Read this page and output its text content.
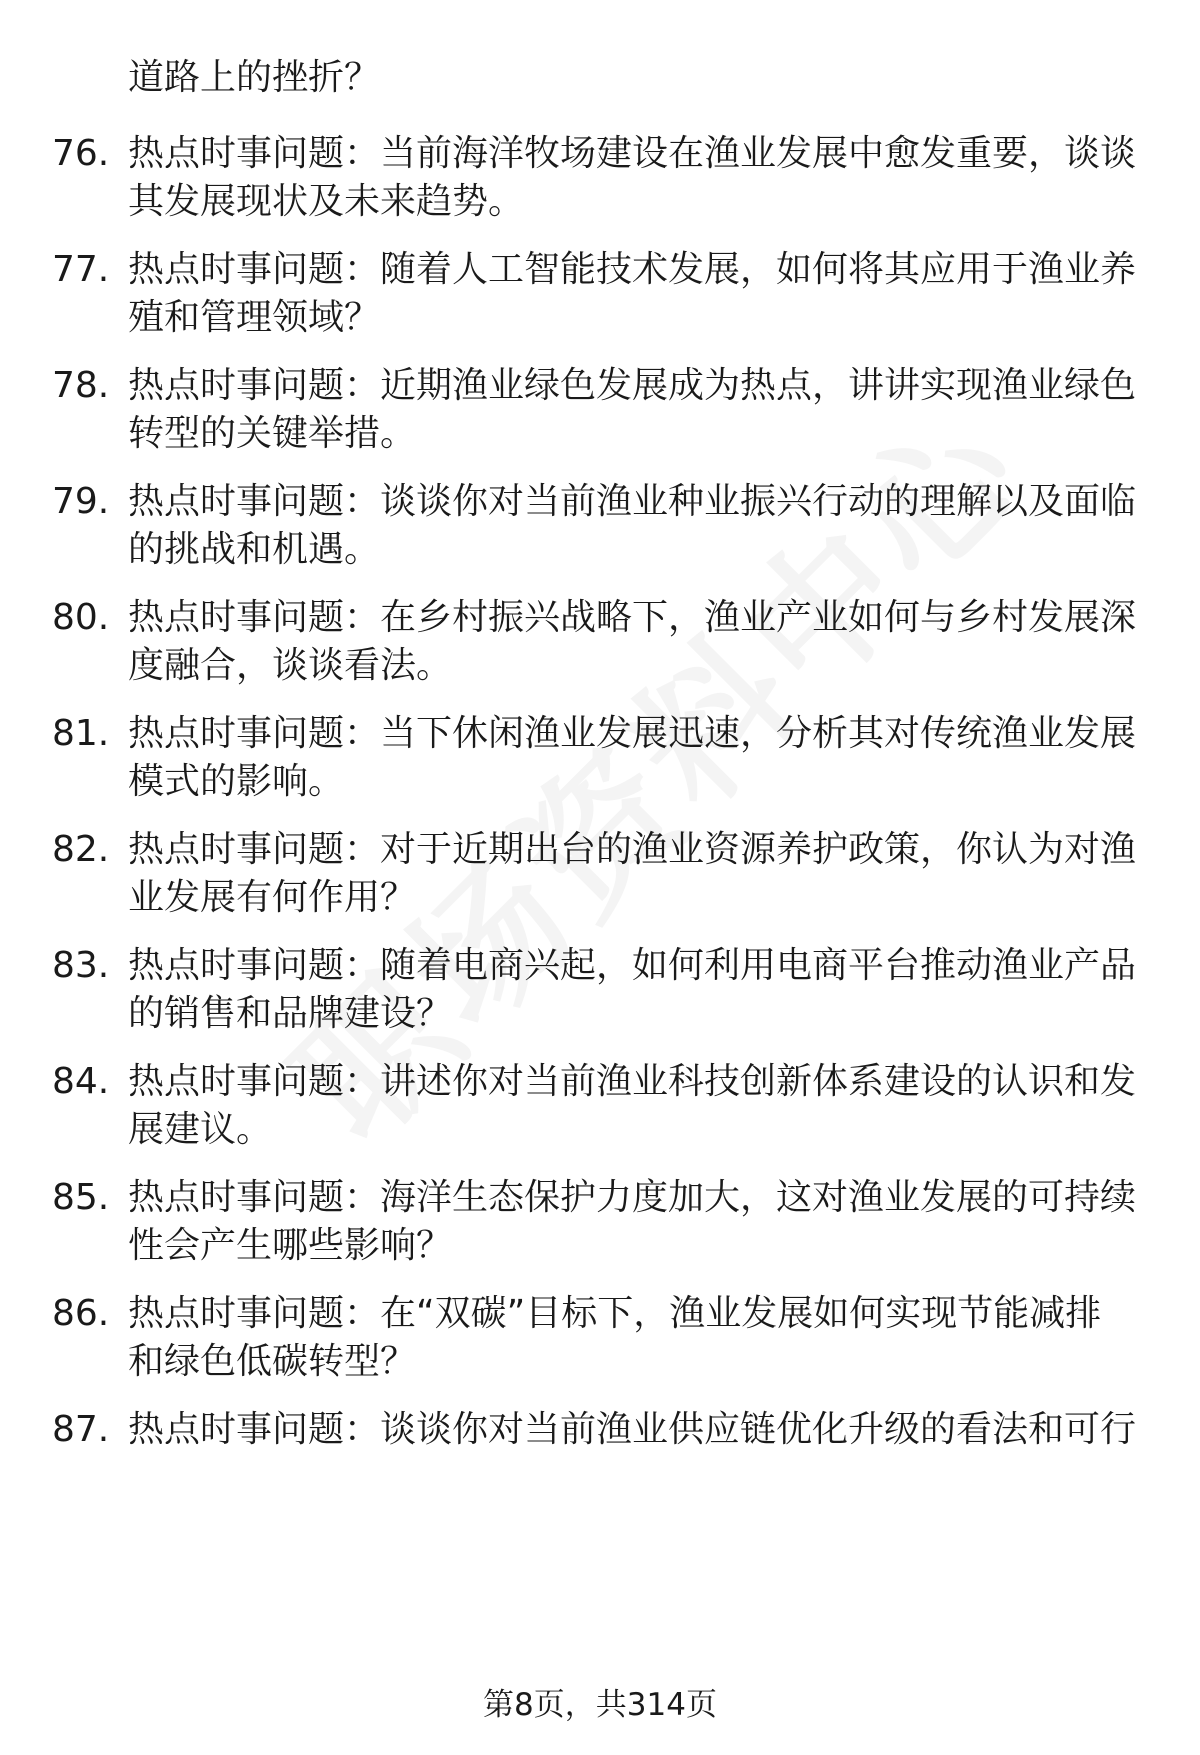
道路上的挫折？
76. 热点时事问题：当前海洋牧场建设在渔业发展中愈发重要，谈谈
其发展现状及未来趋势。
77. 热点时事问题：随着人工智能技术发展，如何将其应用于渔业养
殖和管理领域？
78. 热点时事问题：近期渔业绿色发展成为热点，讲讲实现渔业绿色
转型的关键举措。
79. 热点时事问题：谈谈你对当前渔业种业振兴行动的理解以及面临
的挑战和机遇。
80. 热点时事问题：在乡村振兴战略下，渔业产业如何与乡村发展深
度融合，谈谈看法。
81. 热点时事问题：当下休闲渔业发展迅速，分析其对传统渔业发展
模式的影响。
82. 热点时事问题：对于近期出台的渔业资源养护政策，你认为对渔
业发展有何作用？
83. 热点时事问题：随着电商兴起，如何利用电商平台推动渔业产品
的销售和品牌建设？
84. 热点时事问题：讲述你对当前渔业科技创新体系建设的认识和发
展建议。
85. 热点时事问题：海洋生态保护力度加大，这对渔业发展的可持续
性会产生哪些影响？
86. 热点时事问题：在“双碳”目标下，渔业发展如何实现节能减排
和绿色低碳转型？
87. 热点时事问题：谈谈你对当前渔业供应链优化升级的看法和可行
第8页，共314页
